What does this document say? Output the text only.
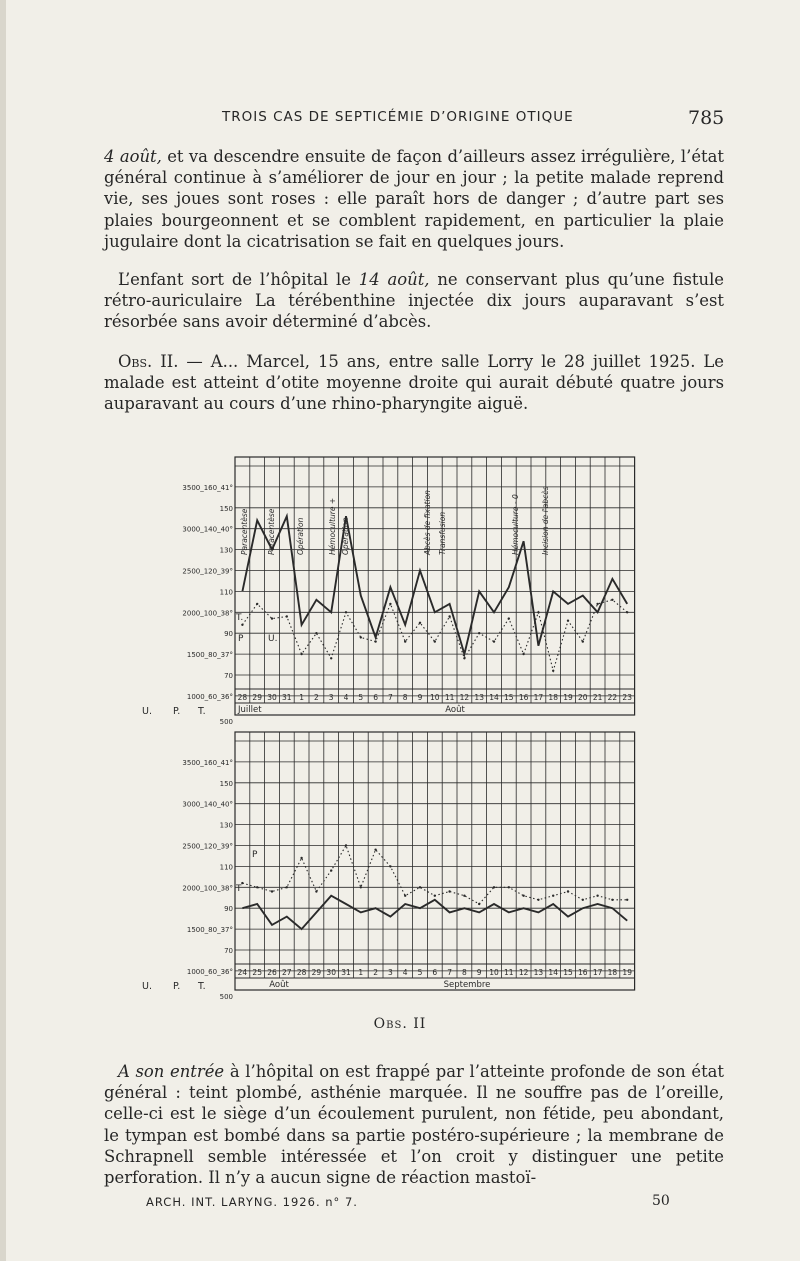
TROIS CAS DE SEPTICÉMIE D’ORIGINE OTIQUE	785

4 août, et va descendre ensuite de façon d’ailleurs assez irrégulière, l’état général continue à s’améliorer de jour en jour ; la petite malade reprend vie, ses joues sont roses : elle paraît hors de danger ; d’autre part ses plaies bourgeonnent et se comblent rapidement, en particulier la plaie jugulaire dont la cicatrisation se fait en quelques jours.

L’enfant sort de l’hôpital le 14 août, ne conservant plus qu’une fistule rétro-auriculaire La térébenthine injectée dix jours auparavant s’est résorbée sans avoir déterminé d’abcès.

Obs. II. — A... Marcel, 15 ans, entre salle Lorry le 28 juillet 1925. Le malade est atteint d’otite moyenne droite qui aurait débuté quatre jours auparavant au cours d’une rhino-pharyngite aiguë.

3500_160_41°
150
3000_140_40°
130
2500_120_39°
110
2000_100_38°
90
1500_80_37°
70
1000_60_36°
500
U. P. T.
28 29 30 31 1 2 3 4 5 6 7 8 9 10 11 12 13 14 15 16 17 18 19 20 21 22 23
Juillet	Août
Paracentèse Paracentèse	Opération	Hémoculture + Opération	Abcès de fixation Transfusion	Hémoculture - 0	Incision de l'abcès
P	U.
T.
3500_160_41°
150
3000_140_40°
130
2500_120_39°
110
2000_100_38°
90
1500_80_37°
70
1000_60_36°
500
U. P. T.
24 25 26 27 28 29 30 31 1 2 3 4 5 6 7 8 9 10 11 12 13 14 15 16 17 18 19
Août	Septembre
P
T
Obs. II

A son entrée à l’hôpital on est frappé par l’atteinte profonde de son état général : teint plombé, asthénie marquée. Il ne souffre pas de l’oreille, celle-ci est le siège d’un écoulement purulent, non fétide, peu abondant, le tympan est bombé dans sa partie postéro-supérieure ; la membrane de Schrapnell semble intéressée et l’on croit y distinguer une petite perforation. Il n’y a aucun signe de réaction mastoï-

ARCH. INT. LARYNG. 1926. n° 7.	50
